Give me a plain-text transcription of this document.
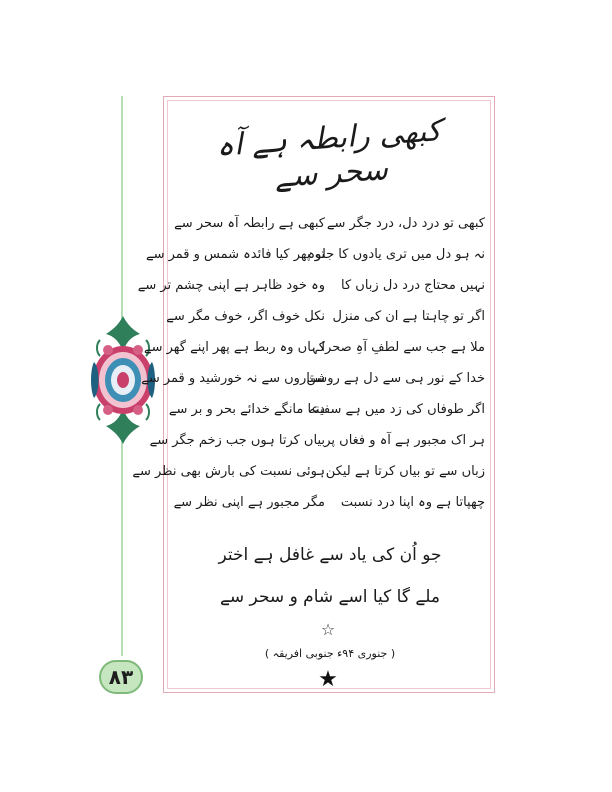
۸۳
کبھی رابطہ ہے آہ سحر سے
کبھی تو درد دل، درد جگر سے
کبھی ہے رابطہ آہ سحر سے
نہ ہو دل میں تری یادوں کا جلوہ
تو پھر کیا فائدہ شمس و قمر سے
نہیں محتاج درد دل زباں کا
وہ خود ظاہر ہے اپنی چشم تر سے
اگر تو چاہتا ہے ان کی منزل
نکل خوف اگر، خوف مگر سے
ملا ہے جب سے لطفِ آہِ صحرا
کہاں وہ ربط ہے پھر اپنے گھر سے
خدا کے نور ہی سے دل ہے روشن
ستاروں سے نہ خورشید و قمر سے
اگر طوفاں کی زد میں ہے سفینہ
دعا مانگے خدائے بحر و بر سے
ہر اک مجبور ہے آہ و فغاں پر
بیاں کرتا ہوں جب زخم جگر سے
زباں سے تو بیاں کرتا ہے لیکن
ہوئی نسبت کی بارش بھی نظر سے
چھپاتا ہے وہ اپنا درد نسبت
مگر مجبور ہے اپنی نظر سے
جو اُن کی یاد سے غافل ہے اختر
ملے گا کیا اسے شام و سحر سے
☆
( جنوری ۹۴ء جنوبی افریقہ )
★
